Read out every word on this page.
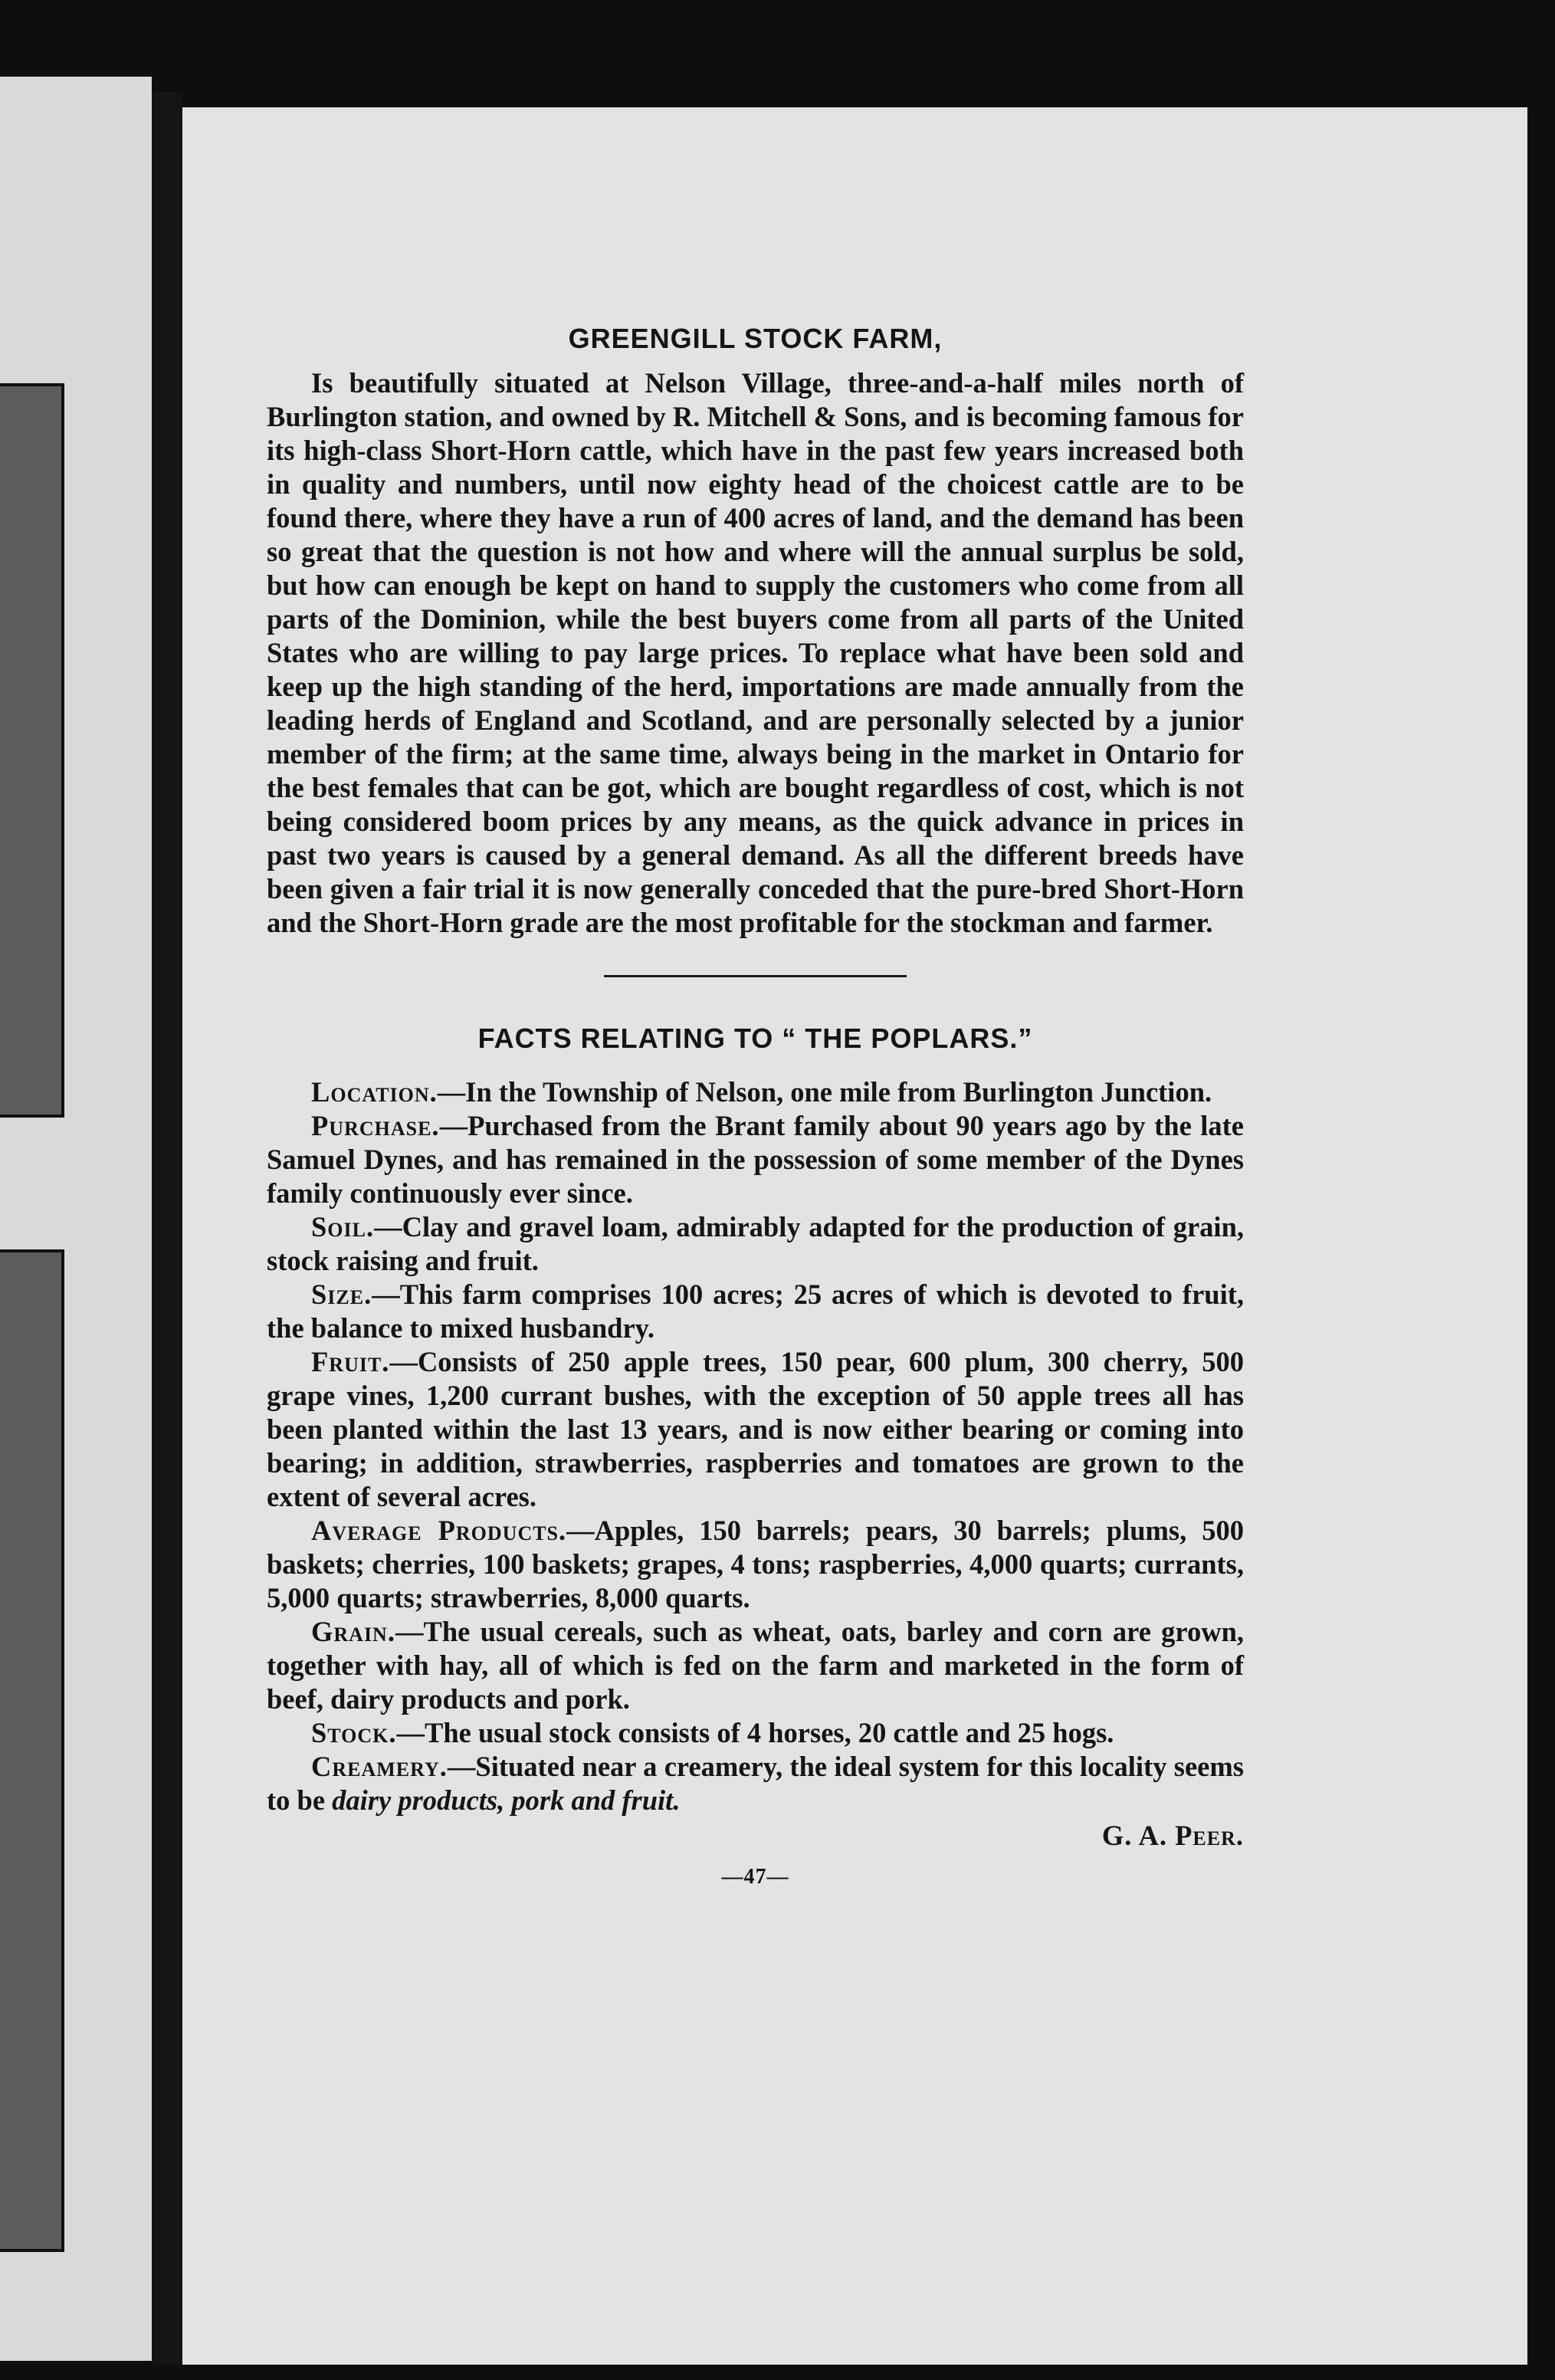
GREENGILL STOCK FARM,

Is beautifully situated at Nelson Village, three-and-a-half miles north of Burlington station, and owned by R. Mitchell & Sons, and is becoming famous for its high-class Short-Horn cattle, which have in the past few years increased both in quality and numbers, until now eighty head of the choicest cattle are to be found there, where they have a run of 400 acres of land, and the demand has been so great that the question is not how and where will the annual surplus be sold, but how can enough be kept on hand to supply the customers who come from all parts of the Dominion, while the best buyers come from all parts of the United States who are willing to pay large prices. To replace what have been sold and keep up the high standing of the herd, importations are made annually from the leading herds of England and Scotland, and are personally selected by a junior member of the firm; at the same time, always being in the market in Ontario for the best females that can be got, which are bought regardless of cost, which is not being considered boom prices by any means, as the quick advance in prices in past two years is caused by a general demand. As all the different breeds have been given a fair trial it is now generally conceded that the pure-bred Short-Horn and the Short-Horn grade are the most profitable for the stockman and farmer.

FACTS RELATING TO “ THE POPLARS.”

Location.—In the Township of Nelson, one mile from Burlington Junction.

Purchase.—Purchased from the Brant family about 90 years ago by the late Samuel Dynes, and has remained in the possession of some member of the Dynes family continuously ever since.

Soil.—Clay and gravel loam, admirably adapted for the production of grain, stock raising and fruit.

Size.—This farm comprises 100 acres; 25 acres of which is devoted to fruit, the balance to mixed husbandry.

Fruit.—Consists of 250 apple trees, 150 pear, 600 plum, 300 cherry, 500 grape vines, 1,200 currant bushes, with the exception of 50 apple trees all has been planted within the last 13 years, and is now either bearing or coming into bearing; in addition, strawberries, raspberries and tomatoes are grown to the extent of several acres.

Average Products.—Apples, 150 barrels; pears, 30 barrels; plums, 500 baskets; cherries, 100 baskets; grapes, 4 tons; raspberries, 4,000 quarts; currants, 5,000 quarts; strawberries, 8,000 quarts.

Grain.—The usual cereals, such as wheat, oats, barley and corn are grown, together with hay, all of which is fed on the farm and marketed in the form of beef, dairy products and pork.

Stock.—The usual stock consists of 4 horses, 20 cattle and 25 hogs.

Creamery.—Situated near a creamery, the ideal system for this locality seems to be dairy products, pork and fruit.

G. A. Peer.
—47—
